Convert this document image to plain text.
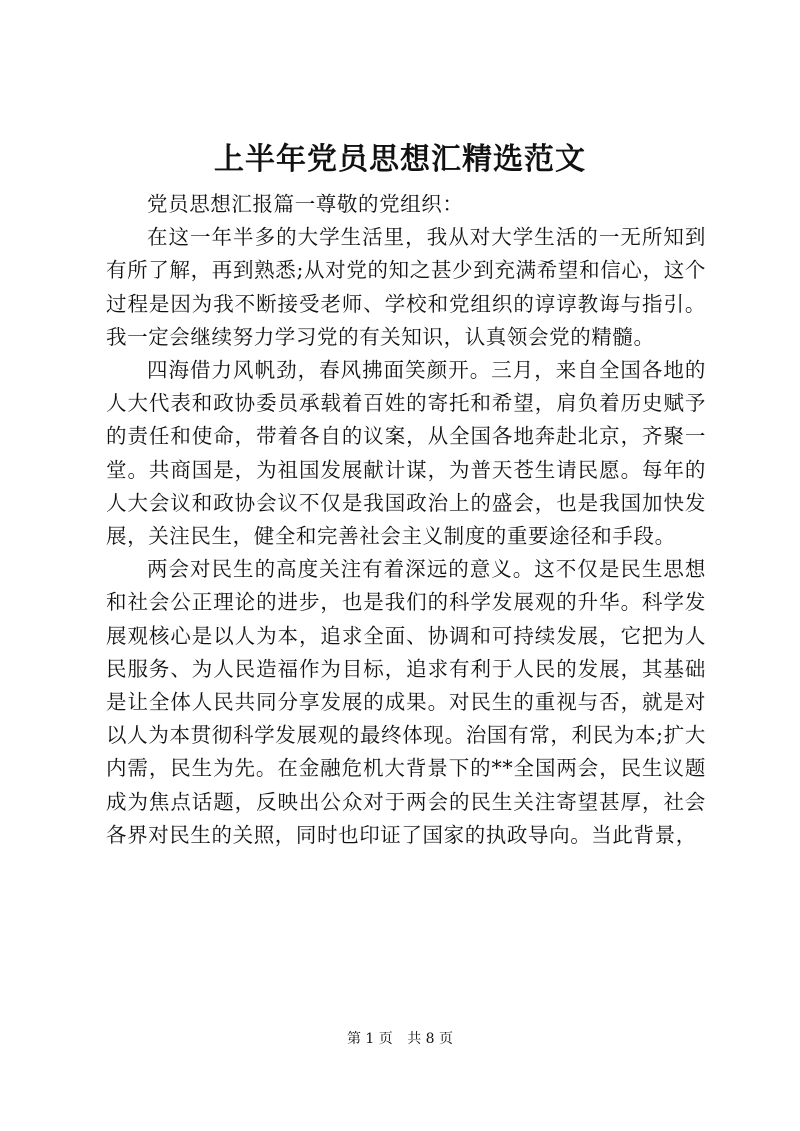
上半年党员思想汇精选范文

党员思想汇报篇一尊敬的党组织：

在这一年半多的大学生活里，我从对大学生活的一无所知到有所了解，再到熟悉;从对党的知之甚少到充满希望和信心，这个过程是因为我不断接受老师、学校和党组织的谆谆教诲与指引。我一定会继续努力学习党的有关知识，认真领会党的精髓。

四海借力风帆劲，春风拂面笑颜开。三月，来自全国各地的人大代表和政协委员承载着百姓的寄托和希望，肩负着历史赋予的责任和使命，带着各自的议案，从全国各地奔赴北京，齐聚一堂。共商国是，为祖国发展献计谋，为普天苍生请民愿。每年的人大会议和政协会议不仅是我国政治上的盛会，也是我国加快发展，关注民生，健全和完善社会主义制度的重要途径和手段。

两会对民生的高度关注有着深远的意义。这不仅是民生思想和社会公正理论的进步，也是我们的科学发展观的升华。科学发展观核心是以人为本，追求全面、协调和可持续发展，它把为人民服务、为人民造福作为目标，追求有利于人民的发展，其基础是让全体人民共同分享发展的成果。对民生的重视与否，就是对以人为本贯彻科学发展观的最终体现。治国有常，利民为本;扩大内需，民生为先。在金融危机大背景下的**全国两会，民生议题成为焦点话题，反映出公众对于两会的民生关注寄望甚厚，社会各界对民生的关照，同时也印证了国家的执政导向。当此背景，

第 1 页 共 8 页
